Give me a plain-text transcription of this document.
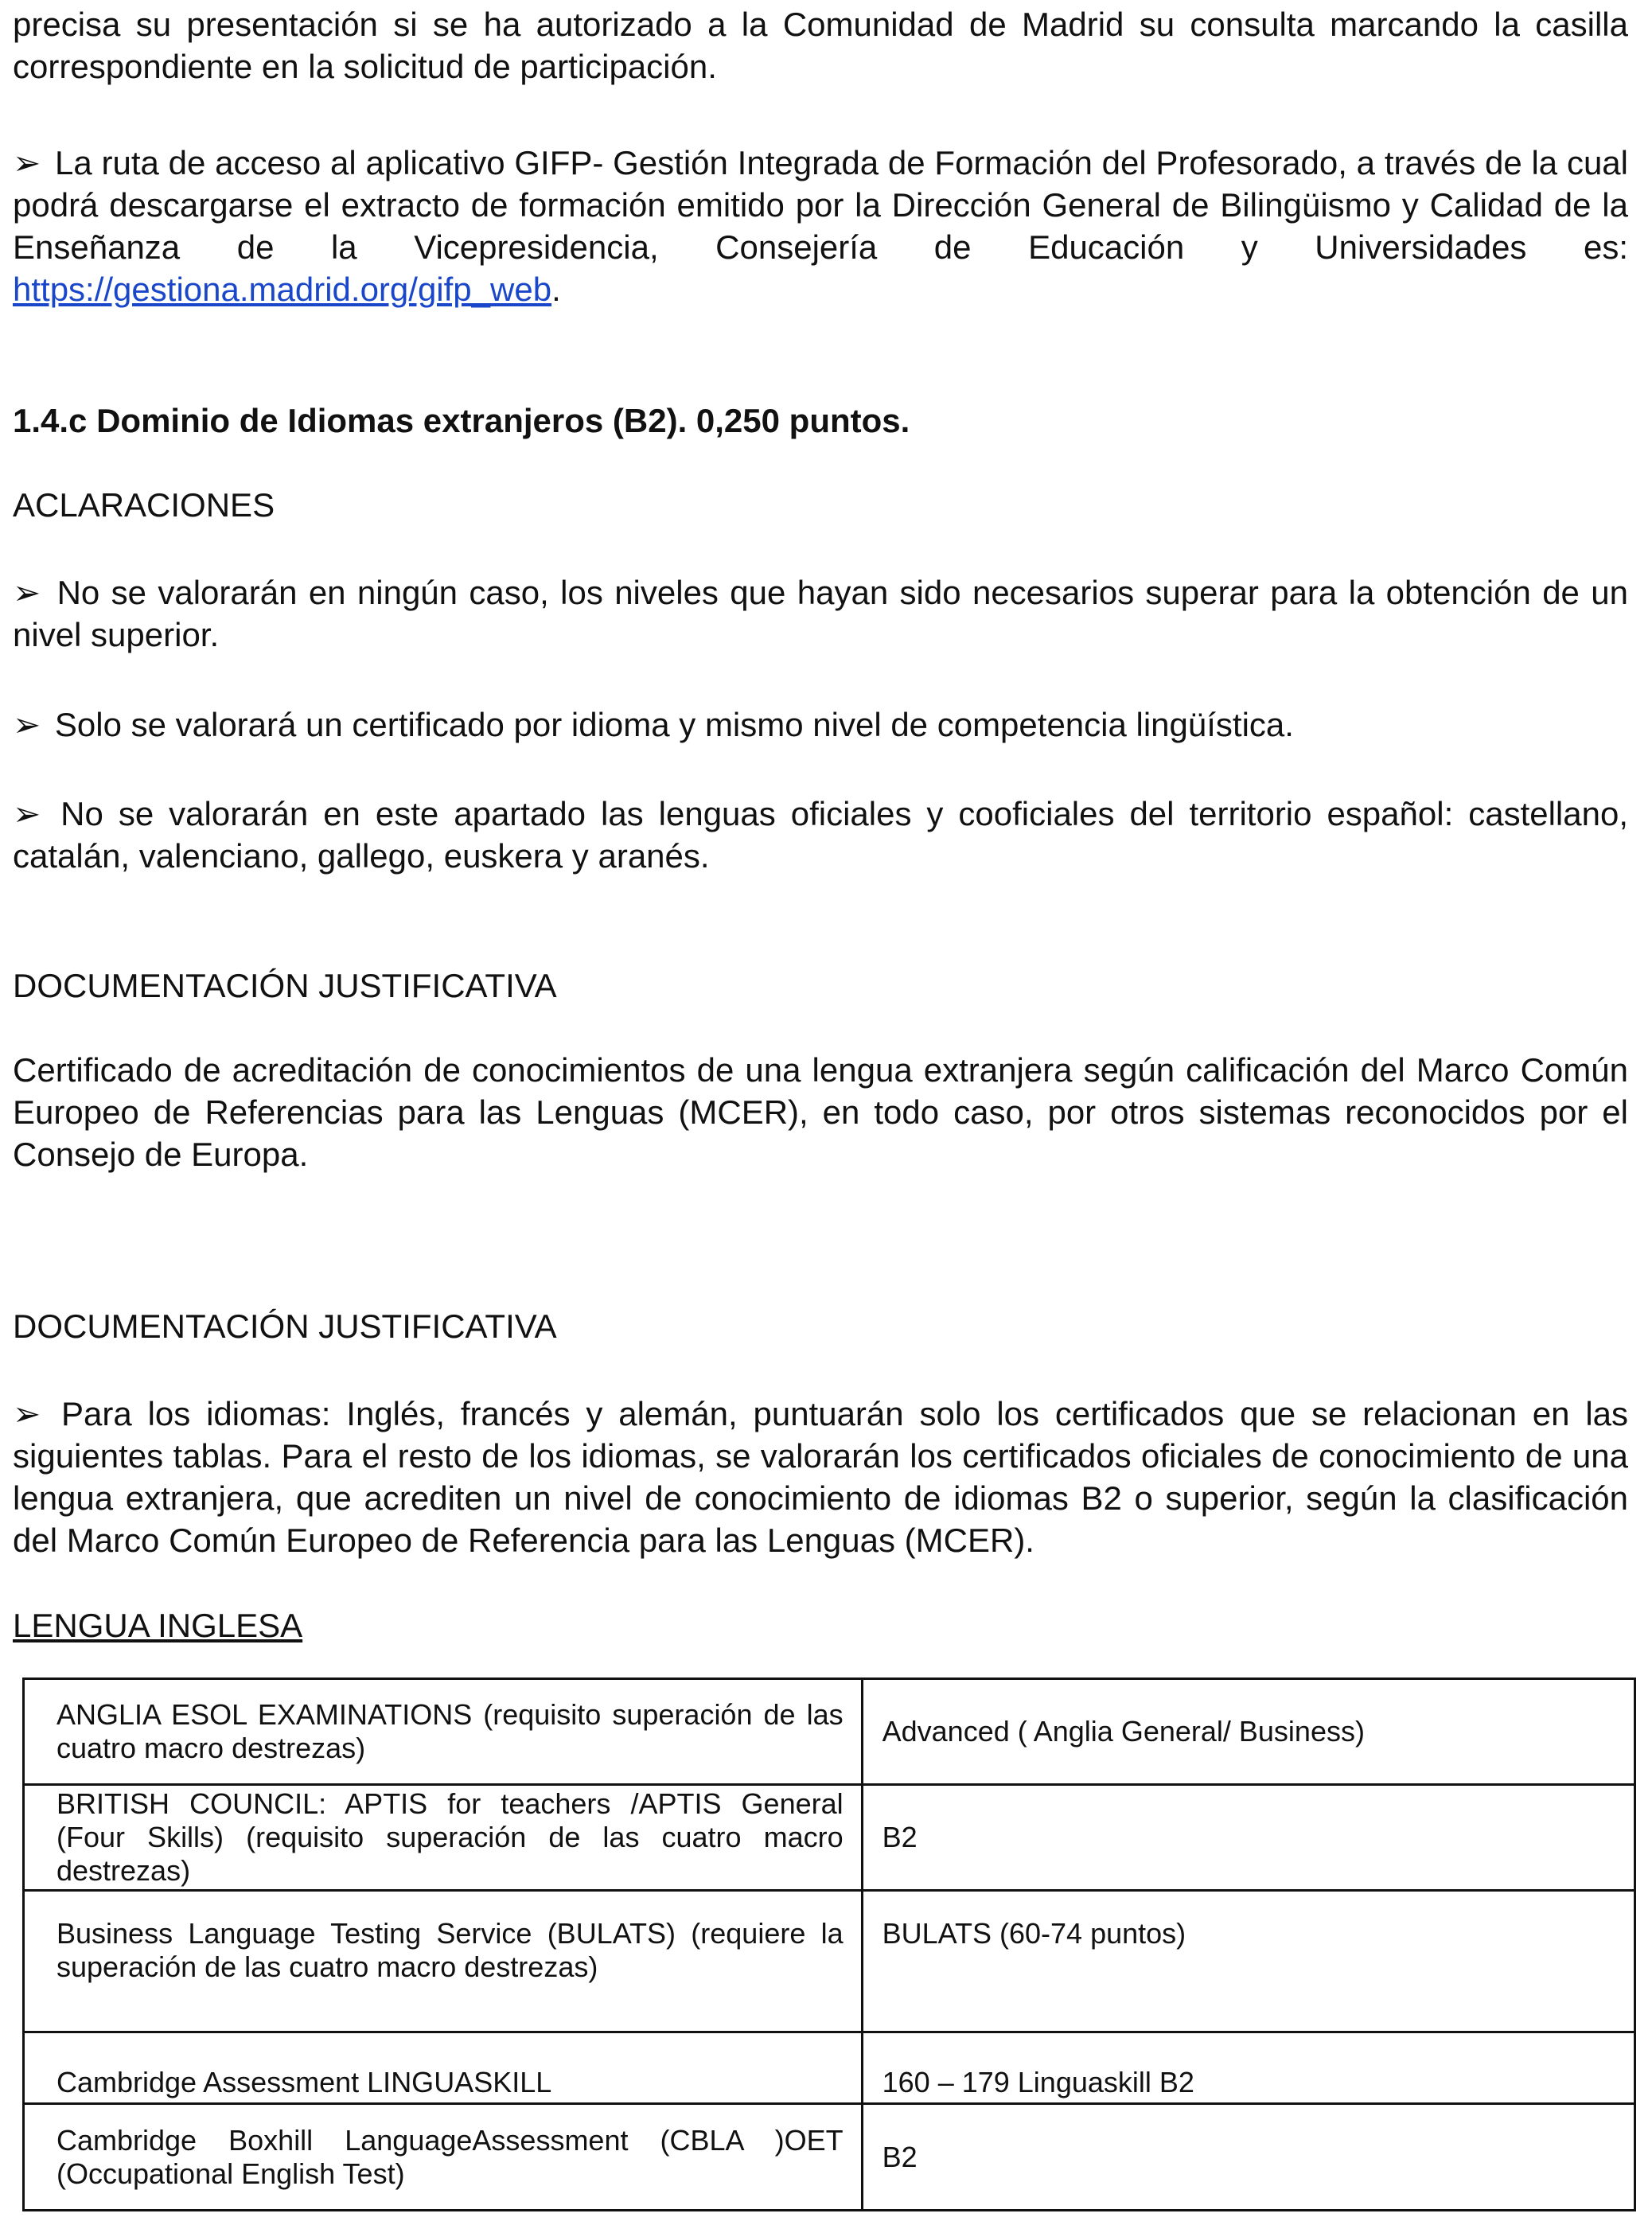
precisa su presentación si se ha autorizado a la Comunidad de Madrid su consulta marcando la casilla correspondiente en la solicitud de participación.

➢ La ruta de acceso al aplicativo GIFP- Gestión Integrada de Formación del Profesorado, a través de la cual podrá descargarse el extracto de formación emitido por la Dirección General de Bilingüismo y Calidad de la Enseñanza de la Vicepresidencia, Consejería de Educación y Universidades es: https://gestiona.madrid.org/gifp_web.

1.4.c Dominio de Idiomas extranjeros (B2). 0,250 puntos.

ACLARACIONES

➢ No se valorarán en ningún caso, los niveles que hayan sido necesarios superar para la obtención de un nivel superior.

➢ Solo se valorará un certificado por idioma y mismo nivel de competencia lingüística.

➢ No se valorarán en este apartado las lenguas oficiales y cooficiales del territorio español: castellano, catalán, valenciano, gallego, euskera y aranés.

DOCUMENTACIÓN JUSTIFICATIVA

Certificado de acreditación de conocimientos de una lengua extranjera según calificación del Marco Común Europeo de Referencias para las Lenguas (MCER), en todo caso, por otros sistemas reconocidos por el Consejo de Europa.

DOCUMENTACIÓN JUSTIFICATIVA

➢ Para los idiomas: Inglés, francés y alemán, puntuarán solo los certificados que se relacionan en las siguientes tablas. Para el resto de los idiomas, se valorarán los certificados oficiales de conocimiento de una lengua extranjera, que acrediten un nivel de conocimiento de idiomas B2 o superior, según la clasificación del Marco Común Europeo de Referencia para las Lenguas (MCER).

LENGUA INGLESA

ANGLIA ESOL EXAMINATIONS (requisito superación de las cuatro macro destrezas)	Advanced ( Anglia General/ Business)
BRITISH COUNCIL: APTIS for teachers /APTIS General (Four Skills) (requisito superación de las cuatro macro destrezas)	B2
Business Language Testing Service (BULATS) (requiere la superación de las cuatro macro destrezas)	BULATS (60-74 puntos)
Cambridge Assessment LINGUASKILL	160 – 179 Linguaskill B2
Cambridge Boxhill LanguageAssessment (CBLA )OET (Occupational English Test)	B2
